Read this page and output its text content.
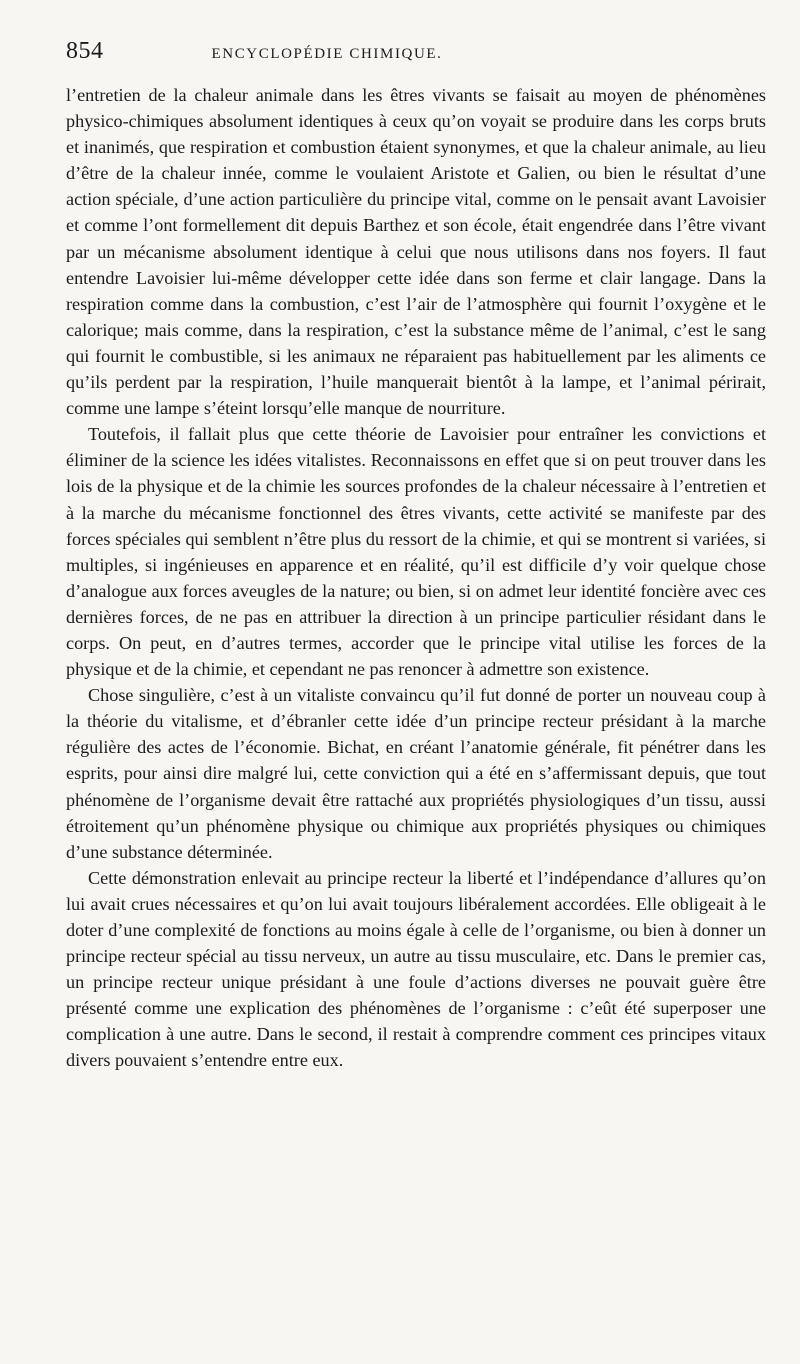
854	ENCYCLOPÉDIE CHIMIQUE.

l’entretien de la chaleur animale dans les êtres vivants se faisait au moyen de phénomènes physico-chimiques absolument identiques à ceux qu’on voyait se produire dans les corps bruts et inanimés, que respiration et combustion étaient synonymes, et que la chaleur animale, au lieu d’être de la chaleur innée, comme le voulaient Aristote et Galien, ou bien le résultat d’une action spéciale, d’une action particulière du principe vital, comme on le pensait avant Lavoisier et comme l’ont formellement dit depuis Barthez et son école, était engendrée dans l’être vivant par un mécanisme absolument identique à celui que nous utilisons dans nos foyers. Il faut entendre Lavoisier lui-même développer cette idée dans son ferme et clair langage. Dans la respiration comme dans la combustion, c’est l’air de l’atmosphère qui fournit l’oxygène et le calorique; mais comme, dans la respiration, c’est la substance même de l’animal, c’est le sang qui fournit le combustible, si les animaux ne réparaient pas habituellement par les aliments ce qu’ils perdent par la respiration, l’huile manquerait bientôt à la lampe, et l’animal périrait, comme une lampe s’éteint lorsqu’elle manque de nourriture.

Toutefois, il fallait plus que cette théorie de Lavoisier pour entraîner les convictions et éliminer de la science les idées vitalistes. Reconnaissons en effet que si on peut trouver dans les lois de la physique et de la chimie les sources profondes de la chaleur nécessaire à l’entretien et à la marche du mécanisme fonctionnel des êtres vivants, cette activité se manifeste par des forces spéciales qui semblent n’être plus du ressort de la chimie, et qui se montrent si variées, si multiples, si ingénieuses en apparence et en réalité, qu’il est difficile d’y voir quelque chose d’analogue aux forces aveugles de la nature; ou bien, si on admet leur identité foncière avec ces dernières forces, de ne pas en attribuer la direction à un principe particulier résidant dans le corps. On peut, en d’autres termes, accorder que le principe vital utilise les forces de la physique et de la chimie, et cependant ne pas renoncer à admettre son existence.

Chose singulière, c’est à un vitaliste convaincu qu’il fut donné de porter un nouveau coup à la théorie du vitalisme, et d’ébranler cette idée d’un principe recteur présidant à la marche régulière des actes de l’économie. Bichat, en créant l’anatomie générale, fit pénétrer dans les esprits, pour ainsi dire malgré lui, cette conviction qui a été en s’affermissant depuis, que tout phénomène de l’organisme devait être rattaché aux propriétés physiologiques d’un tissu, aussi étroitement qu’un phénomène physique ou chimique aux propriétés physiques ou chimiques d’une substance déterminée.

Cette démonstration enlevait au principe recteur la liberté et l’indépendance d’allures qu’on lui avait crues nécessaires et qu’on lui avait toujours libéralement accordées. Elle obligeait à le doter d’une complexité de fonctions au moins égale à celle de l’organisme, ou bien à donner un principe recteur spécial au tissu nerveux, un autre au tissu musculaire, etc. Dans le premier cas, un principe recteur unique présidant à une foule d’actions diverses ne pouvait guère être présenté comme une explication des phénomènes de l’organisme : c’eût été superposer une complication à une autre. Dans le second, il restait à comprendre comment ces principes vitaux divers pouvaient s’entendre entre eux.
